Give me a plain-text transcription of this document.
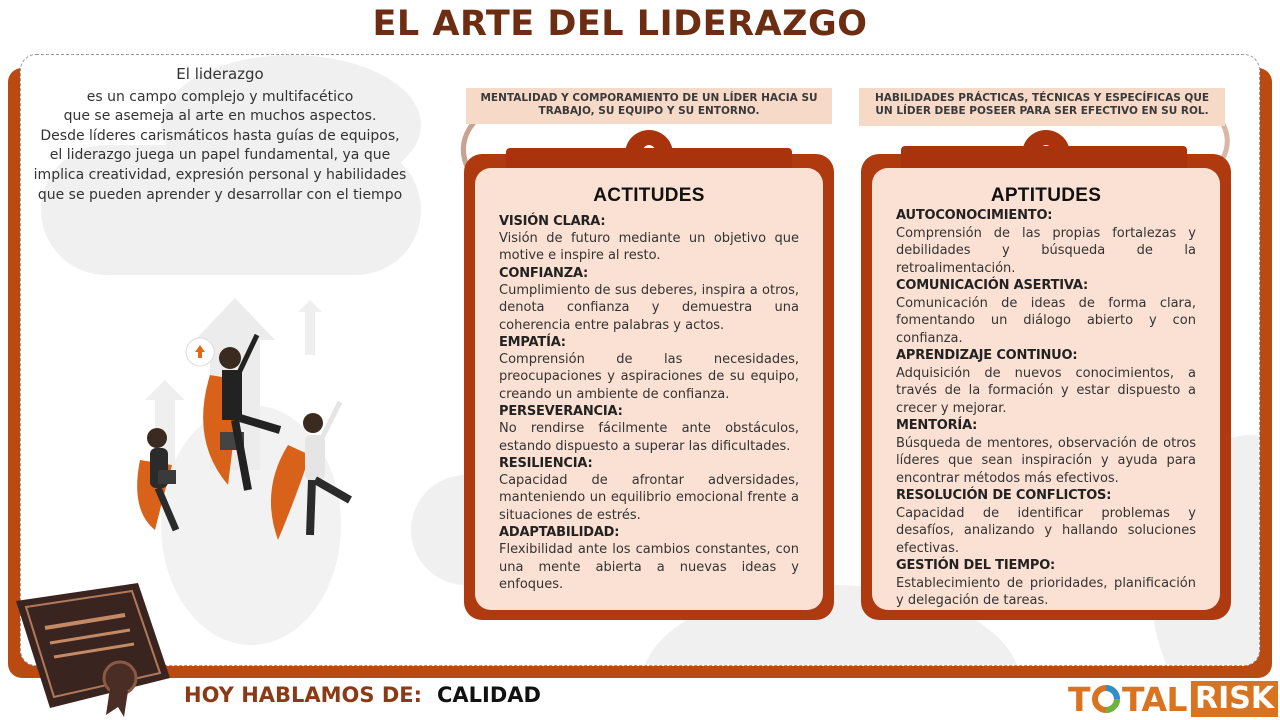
EL ARTE DEL LIDERAZGO
El liderazgo
es un campo complejo y multifacético
que se asemeja al arte en muchos aspectos.
Desde líderes carismáticos hasta guías de equipos,
el liderazgo juega un papel fundamental, ya que
implica creatividad, expresión personal y habilidades
que se pueden aprender y desarrollar con el tiempo
MENTALIDAD Y COMPORAMIENTO DE UN LÍDER HACIA SU TRABAJO, SU EQUIPO Y SU ENTORNO.
HABILIDADES PRÁCTICAS, TÉCNICAS Y ESPECÍFICAS QUE UN LÍDER DEBE POSEER PARA SER EFECTIVO EN SU ROL.
ACTITUDES
VISIÓN CLARA:
Visión de futuro mediante un objetivo que motive e inspire al resto.
CONFIANZA:
Cumplimiento de sus deberes, inspira a otros, denota confianza y demuestra una coherencia entre palabras y actos.
EMPATÍA:
Comprensión de las necesidades, preocupaciones y aspiraciones de su equipo, creando un ambiente de confianza.
PERSEVERANCIA:
No rendirse fácilmente ante obstáculos, estando dispuesto a superar las dificultades.
RESILIENCIA:
Capacidad de afrontar adversidades, manteniendo un equilibrio emocional frente a situaciones de estrés.
ADAPTABILIDAD:
Flexibilidad ante los cambios constantes, con una mente abierta a nuevas ideas y enfoques.
APTITUDES
AUTOCONOCIMIENTO:
Comprensión de las propias fortalezas y debilidades y búsqueda de la retroalimentación.
COMUNICACIÓN ASERTIVA:
Comunicación de ideas de forma clara, fomentando un diálogo abierto y con confianza.
APRENDIZAJE CONTINUO:
Adquisición de nuevos conocimientos, a través de la formación y estar dispuesto a crecer y mejorar.
MENTORÍA:
Búsqueda de mentores, observación de otros líderes que sean inspiración y ayuda para encontrar métodos más efectivos.
RESOLUCIÓN DE CONFLICTOS:
Capacidad de identificar problemas y desafíos, analizando y hallando soluciones efectivas.
GESTIÓN DEL TIEMPO:
Establecimiento de prioridades, planificación y delegación de tareas.
HOY HABLAMOS DE: CALIDAD	T TAL RISK
